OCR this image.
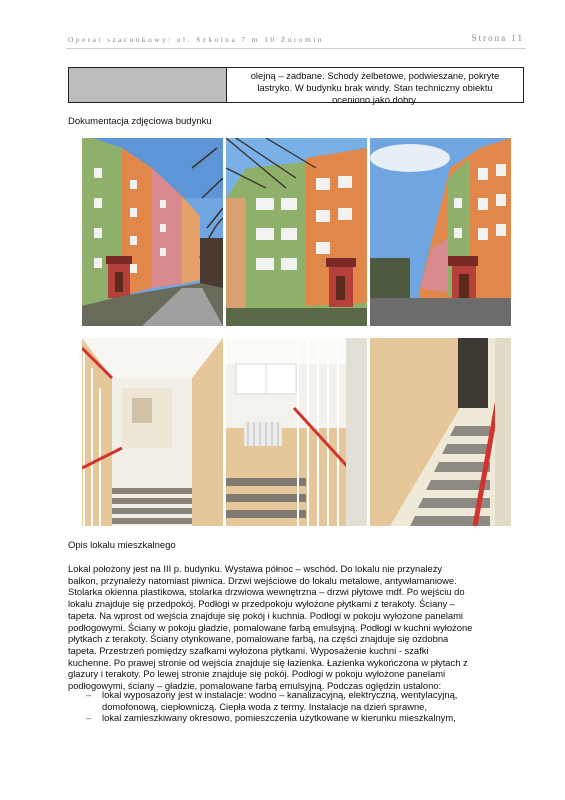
Operat szacunkowy: ul. Szkolna 7 m 10 Żuromin	Strona 11
olejną – zadbane. Schody żelbetowe, podwieszane, pokryte
lastryko. W budynku brak windy. Stan techniczny obiektu
oceniono jako dobry.
Dokumentacja zdjęciowa budynku
Opis lokalu mieszkalnego
Lokal położony jest na III p. budynku. Wystawa północ – wschód. Do lokalu nie przynależy
balkon, przynależy natomiast piwnica. Drzwi wejściowe do lokalu metalowe, antywłamaniowe.
Stolarka okienna plastikowa, stolarka drzwiowa wewnętrzna – drzwi płytowe mdf. Po wejściu do
lokalu znajduje się przedpokój. Podłogi w przedpokoju wyłożone płytkami z terakoty. Ściany –
tapeta. Na wprost od wejścia znajduje się pokój i kuchnia. Podłogi w pokoju wyłożone panelami
podłogowymi. Ściany w pokoju gładzie, pomalowane farbą emulsyjną. Podłogi w kuchni wyłożone
płytkach z terakoty. Ściany otynkowane, pomalowane farbą, na części znajduje się ozdobna
tapeta. Przestrzeń pomiędzy szafkami wyłożona płytkami. Wyposażenie kuchni - szafki
kuchenne. Po prawej stronie od wejścia znajduje się łazienka. Łazienka wykończona w płytach z
glazury i terakoty. Po lewej stronie znajduje się pokój. Podłogi w pokoju wyłożone panelami
podłogowymi, ściany – gładzie, pomalowane farbą emulsyjną. Podczas oględzin ustalono:
– lokal wyposażony jest w instalacje: wodno – kanalizacyjną, elektryczną, wentylacyjną,
domofonową, ciepłowniczą. Ciepła woda z termy. Instalacje na dzień sprawne,
– lokal zamieszkiwany okresowo, pomieszczenia użytkowane w kierunku mieszkalnym,
